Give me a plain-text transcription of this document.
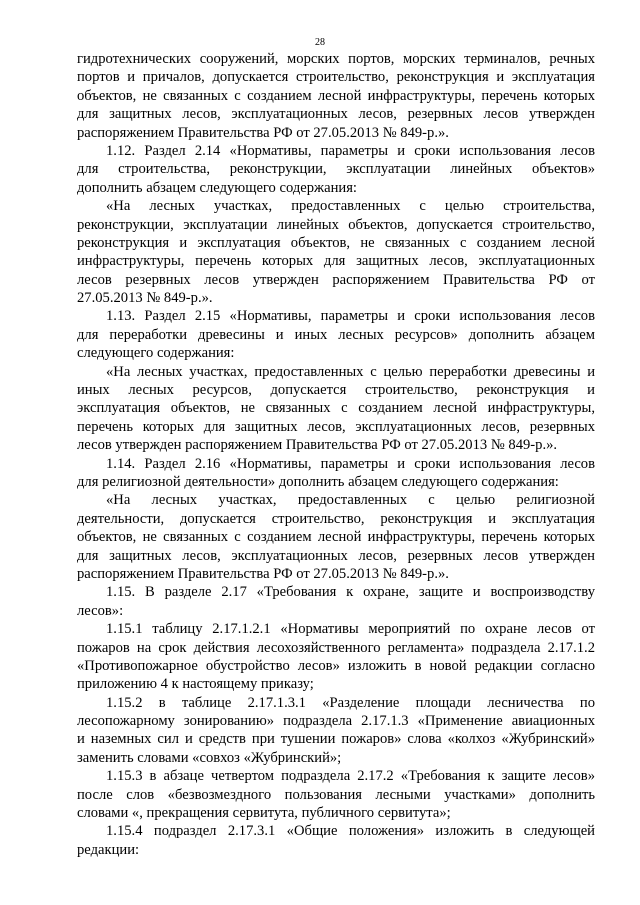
28
гидротехнических сооружений, морских портов, морских терминалов, речных
портов и причалов, допускается строительство, реконструкция и эксплуатация
объектов, не связанных с созданием лесной инфраструктуры, перечень которых
для защитных лесов, эксплуатационных лесов, резервных лесов утвержден
распоряжением Правительства РФ от 27.05.2013 № 849-р.».
1.12. Раздел 2.14 «Нормативы, параметры и сроки использования лесов
для строительства, реконструкции, эксплуатации линейных объектов»
дополнить абзацем следующего содержания:
«На лесных участках, предоставленных с целью строительства,
реконструкции, эксплуатации линейных объектов, допускается строительство,
реконструкция и эксплуатация объектов, не связанных с созданием лесной
инфраструктуры, перечень которых для защитных лесов, эксплуатационных
лесов резервных лесов утвержден распоряжением Правительства РФ от
27.05.2013 № 849-р.».
1.13. Раздел 2.15 «Нормативы, параметры и сроки использования лесов
для переработки древесины и иных лесных ресурсов» дополнить абзацем
следующего содержания:
«На лесных участках, предоставленных с целью переработки древесины и
иных лесных ресурсов, допускается строительство, реконструкция и
эксплуатация объектов, не связанных с созданием лесной инфраструктуры,
перечень которых для защитных лесов, эксплуатационных лесов, резервных
лесов утвержден распоряжением Правительства РФ от 27.05.2013 № 849-р.».
1.14. Раздел 2.16 «Нормативы, параметры и сроки использования лесов
для религиозной деятельности» дополнить абзацем следующего содержания:
«На лесных участках, предоставленных с целью религиозной
деятельности, допускается строительство, реконструкция и эксплуатация
объектов, не связанных с созданием лесной инфраструктуры, перечень которых
для защитных лесов, эксплуатационных лесов, резервных лесов утвержден
распоряжением Правительства РФ от 27.05.2013 № 849-р.».
1.15. В разделе 2.17 «Требования к охране, защите и воспроизводству
лесов»:
1.15.1 таблицу 2.17.1.2.1 «Нормативы мероприятий по охране лесов от
пожаров на срок действия лесохозяйственного регламента» подраздела 2.17.1.2
«Противопожарное обустройство лесов» изложить в новой редакции согласно
приложению 4 к настоящему приказу;
1.15.2 в таблице 2.17.1.3.1 «Разделение площади лесничества по
лесопожарному зонированию» подраздела 2.17.1.3 «Применение авиационных
и наземных сил и средств при тушении пожаров» слова «колхоз «Жубринский»
заменить словами «совхоз «Жубринский»;
1.15.3 в абзаце четвертом подраздела 2.17.2 «Требования к защите лесов»
после слов «безвозмездного пользования лесными участками» дополнить
словами «, прекращения сервитута, публичного сервитута»;
1.15.4 подраздел 2.17.3.1 «Общие положения» изложить в следующей
редакции:
